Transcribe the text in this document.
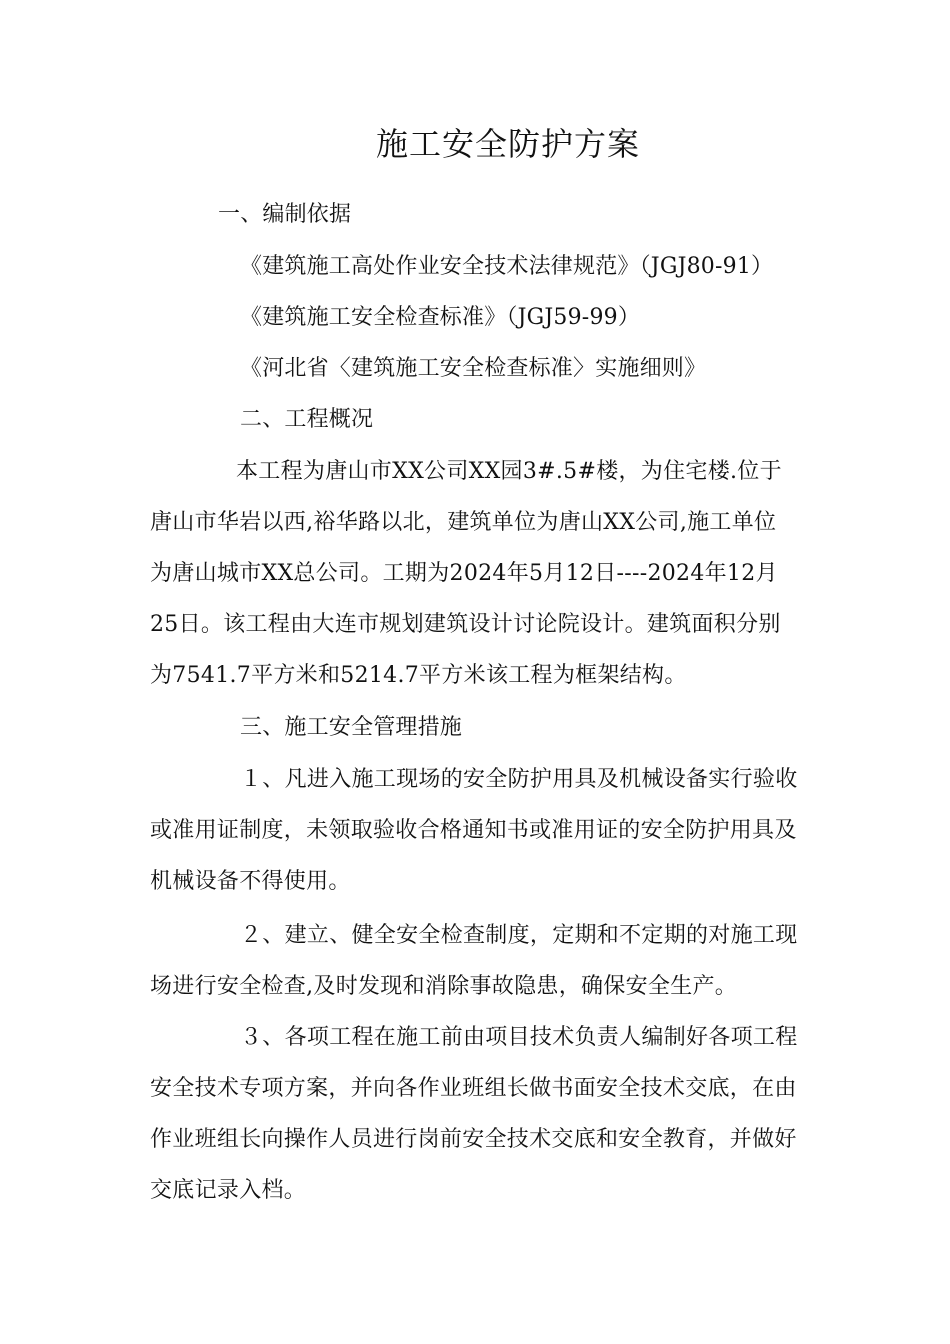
施工安全防护方案
一、编制依据
《建筑施工高处作业安全技术法律规范》（JGJ80-91）
《建筑施工安全检查标准》（JGJ59-99）
《河北省〈建筑施工安全检查标准〉实施细则》
二、工程概况

本工程为唐山市XX公司XX园3#.5#楼，为住宅楼.位于

唐山市华岩以西,裕华路以北，建筑单位为唐山XX公司,施工单位

为唐山城市XX总公司。工期为2024年5月12日----2024年12月

25日。该工程由大连市规划建筑设计讨论院设计。建筑面积分别

为7541.7平方米和5214.7平方米该工程为框架结构。

三、施工安全管理措施

１、凡进入施工现场的安全防护用具及机械设备实行验收

或准用证制度，未领取验收合格通知书或准用证的安全防护用具及

机械设备不得使用。

２、建立、健全安全检查制度，定期和不定期的对施工现

场进行安全检查,及时发现和消除事故隐患，确保安全生产。

３、各项工程在施工前由项目技术负责人编制好各项工程

安全技术专项方案，并向各作业班组长做书面安全技术交底，在由

作业班组长向操作人员进行岗前安全技术交底和安全教育，并做好

交底记录入档。
